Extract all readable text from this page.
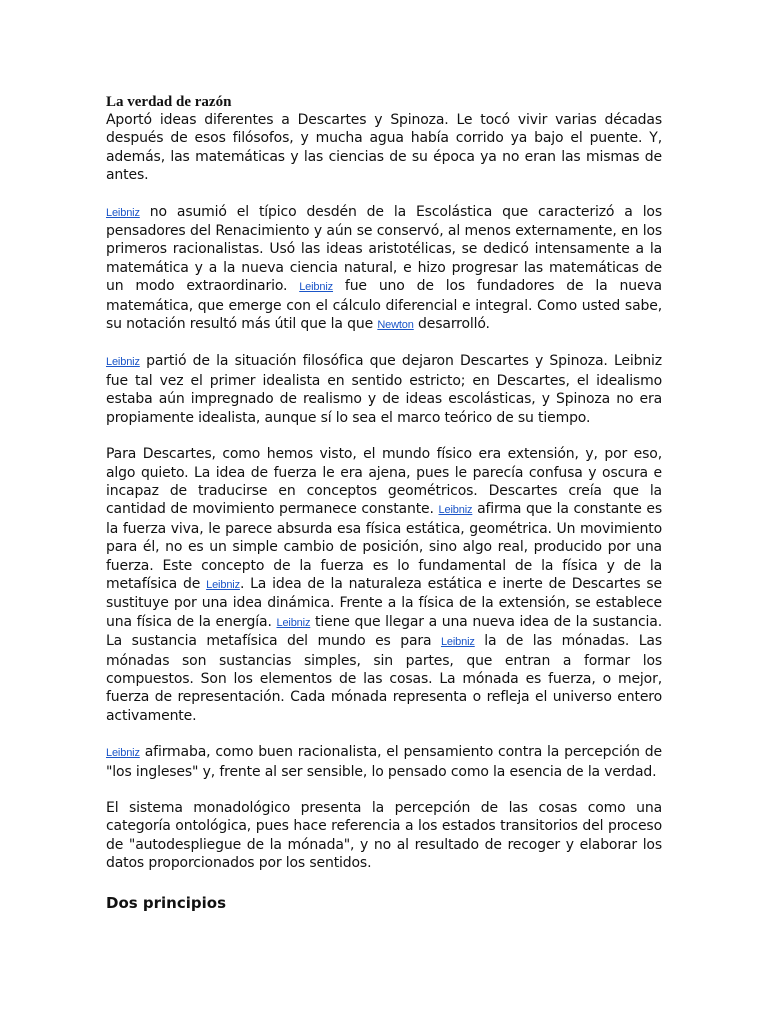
La verdad de razón

Aportó ideas diferentes a Descartes y Spinoza. Le tocó vivir varias décadas después de esos filósofos, y mucha agua había corrido ya bajo el puente. Y, además, las matemáticas y las ciencias de su época ya no eran las mismas de antes.

Leibniz no asumió el típico desdén de la Escolástica que caracterizó a los pensadores del Renacimiento y aún se conservó, al menos externamente, en los primeros racionalistas. Usó las ideas aristotélicas, se dedicó intensamente a la matemática y a la nueva ciencia natural, e hizo progresar las matemáticas de un modo extraordinario. Leibniz fue uno de los fundadores de la nueva matemática, que emerge con el cálculo diferencial e integral. Como usted sabe, su notación resultó más útil que la que Newton desarrolló.

Leibniz partió de la situación filosófica que dejaron Descartes y Spinoza. Leibniz fue tal vez el primer idealista en sentido estricto; en Descartes, el idealismo estaba aún impregnado de realismo y de ideas escolásticas, y Spinoza no era propiamente idealista, aunque sí lo sea el marco teórico de su tiempo.

Para Descartes, como hemos visto, el mundo físico era extensión, y, por eso, algo quieto. La idea de fuerza le era ajena, pues le parecía confusa y oscura e incapaz de traducirse en conceptos geométricos. Descartes creía que la cantidad de movimiento permanece constante. Leibniz afirma que la constante es la fuerza viva, le parece absurda esa física estática, geométrica. Un movimiento para él, no es un simple cambio de posición, sino algo real, producido por una fuerza. Este concepto de la fuerza es lo fundamental de la física y de la metafísica de Leibniz. La idea de la naturaleza estática e inerte de Descartes se sustituye por una idea dinámica. Frente a la física de la extensión, se establece una física de la energía. Leibniz tiene que llegar a una nueva idea de la sustancia. La sustancia metafísica del mundo es para Leibniz la de las mónadas. Las mónadas son sustancias simples, sin partes, que entran a formar los compuestos. Son los elementos de las cosas. La mónada es fuerza, o mejor, fuerza de representación. Cada mónada representa o refleja el universo entero activamente.

Leibniz afirmaba, como buen racionalista, el pensamiento contra la percepción de "los ingleses" y, frente al ser sensible, lo pensado como la esencia de la verdad.

El sistema monadológico presenta la percepción de las cosas como una categoría ontológica, pues hace referencia a los estados transitorios del proceso de "autodespliegue de la mónada", y no al resultado de recoger y elaborar los datos proporcionados por los sentidos.

Dos principios
